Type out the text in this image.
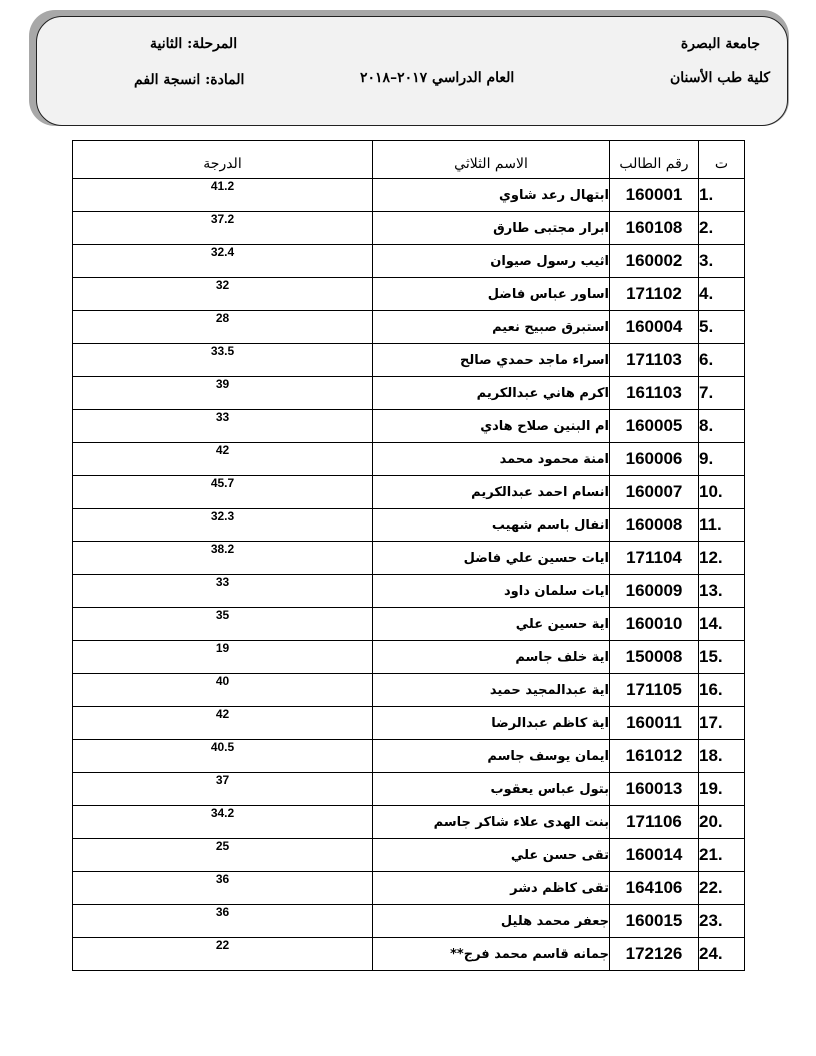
جامعة البصرة
كلية طب الأسنان
المرحلة: الثانية
المادة: انسجة الفم	العام الدراسي ٢٠١٧–٢٠١٨
ت	رقم الطالب	الاسم الثلاثي	الدرجة
1.	160001	ابتهال رعد شاوي	41.2
2.	160108	ابرار مجتبى طارق	37.2
3.	160002	اثيب رسول صيوان	32.4
4.	171102	اساور عباس فاضل	32
5.	160004	استبرق صبيح نعيم	28
6.	171103	اسراء ماجد حمدي صالح	33.5
7.	161103	اكرم هاني عبدالكريم	39
8.	160005	ام البنين صلاح هادي	33
9.	160006	امنة محمود محمد	42
10.	160007	انسام احمد عبدالكريم	45.7
11.	160008	انفال باسم شهيب	32.3
12.	171104	ايات حسين علي فاضل	38.2
13.	160009	ايات سلمان داود	33
14.	160010	اية حسين علي	35
15.	150008	اية خلف جاسم	19
16.	171105	اية عبدالمجيد حميد	40
17.	160011	اية كاظم عبدالرضا	42
18.	161012	ايمان يوسف جاسم	40.5
19.	160013	بتول عباس يعقوب	37
20.	171106	بنت الهدى علاء شاكر جاسم	34.2
21.	160014	تقى حسن علي	25
22.	164106	تقى كاظم دشر	36
23.	160015	جعفر محمد هليل	36
24.	172126	جمانه قاسم محمد فرج**	22
